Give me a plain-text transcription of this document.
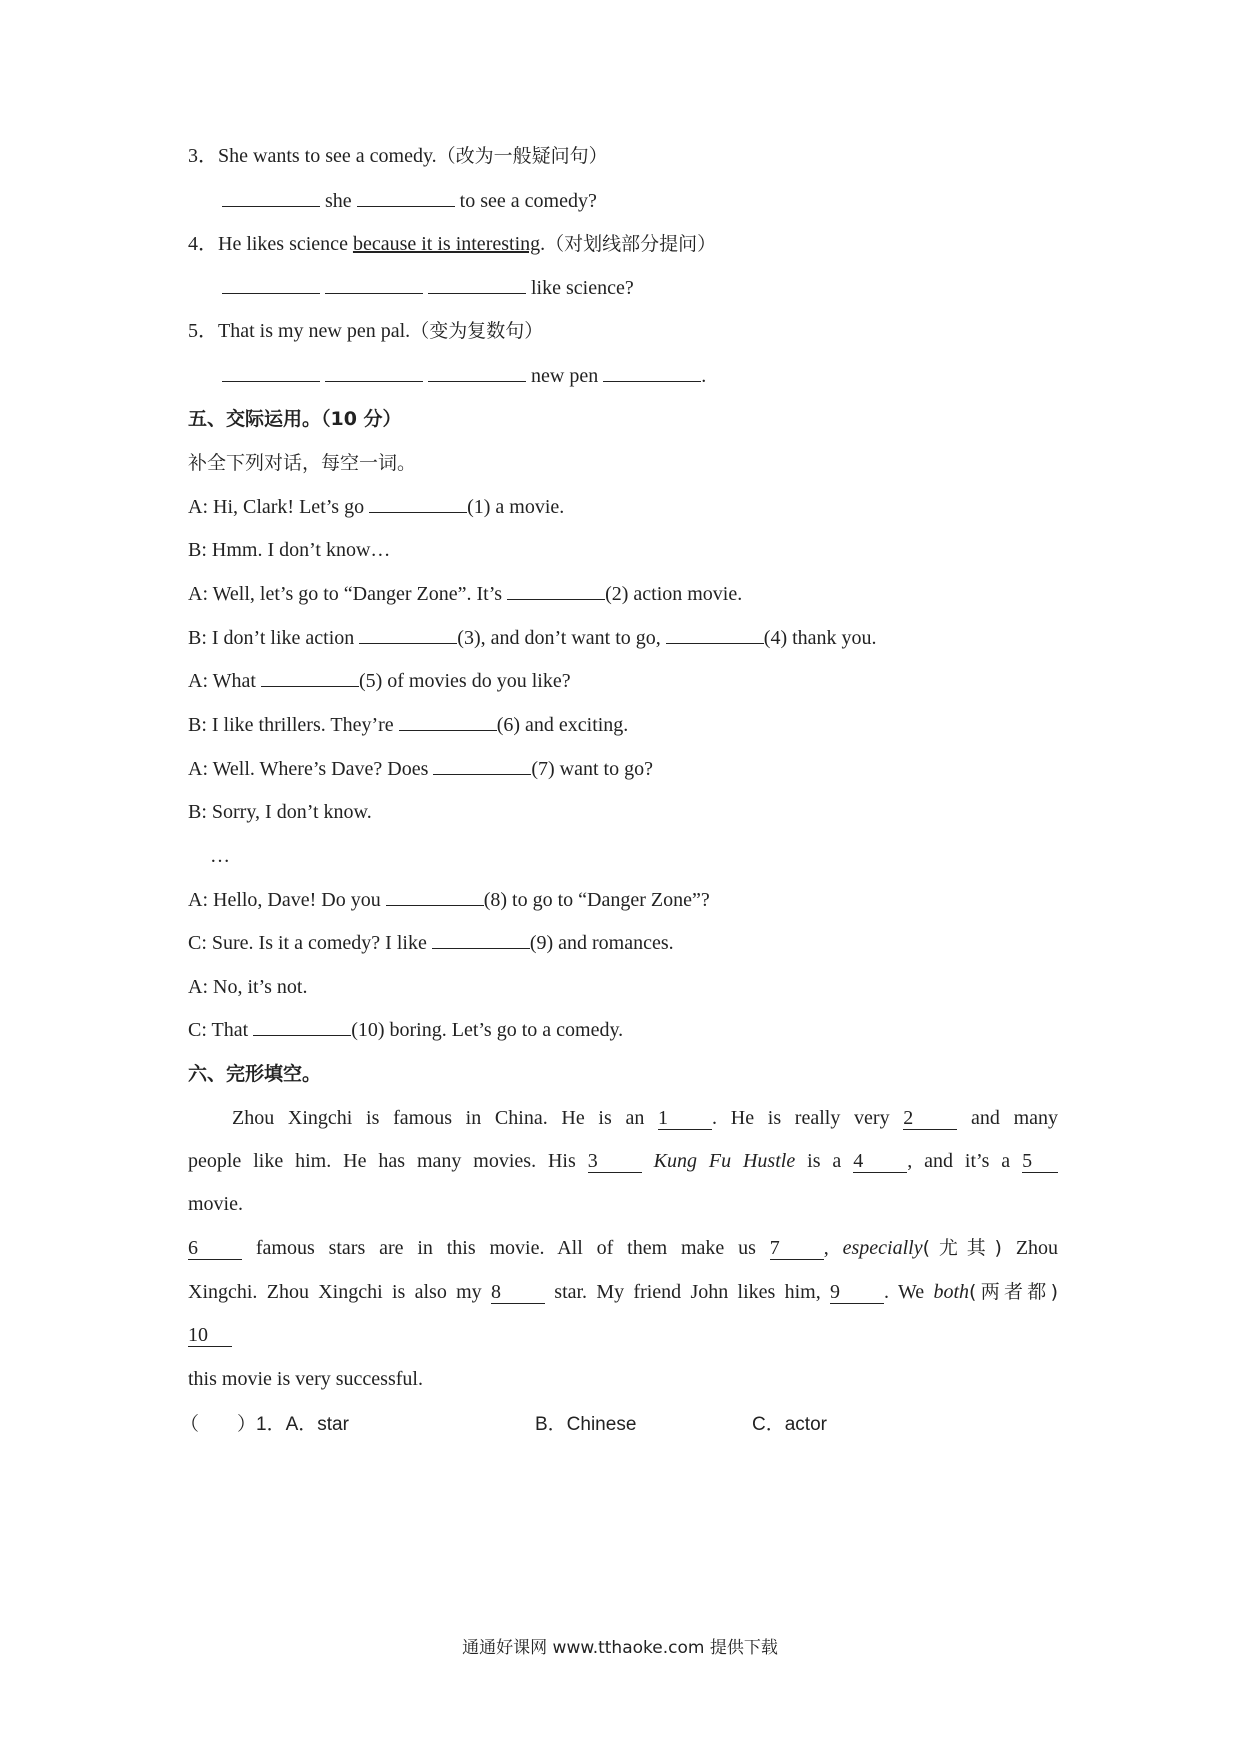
3．She wants to see a comedy.（改为一般疑问句）
she	to see a comedy?
4．He likes science because it is interesting.（对划线部分提问）
like science?
5．That is my new pen pal.（变为复数句）
new pen	.
五、交际运用。（10 分）
补全下列对话，每空一词。
A: Hi, Clark! Let’s go	(1) a movie.
B: Hmm. I don’t know…
A: Well, let’s go to “Danger Zone”. It’s	(2) action movie.
B: I don’t like action	(3), and don’t want to go,	(4) thank you.
A: What	(5) of movies do you like?
B: I like thrillers. They’re	(6) and exciting.
A: Well. Where’s Dave? Does	(7) want to go?
B: Sorry, I don’t know.
…
A: Hello, Dave! Do you	(8) to go to “Danger Zone”?
C: Sure. Is it a comedy? I like	(9) and romances.
A: No, it’s not.
C: That	(10) boring. Let’s go to a comedy.
六、完形填空。
Zhou Xingchi is famous in China. He is an 1 . He is really very 2	and many
people like him. He has many movies. His 3	Kung Fu Hustle is a 4 , and it’s a 5
movie.
6	famous stars are in this movie. All of them make us 7 , especially(尤其) Zhou
Xingchi. Zhou Xingchi is also my 8	star. My friend John likes him, 9 . We both(两者都)
10
this movie is very successful.
（　　）1．A．star	B．Chinese	C．actor
通通好课网 www.tthaoke.com 提供下载
